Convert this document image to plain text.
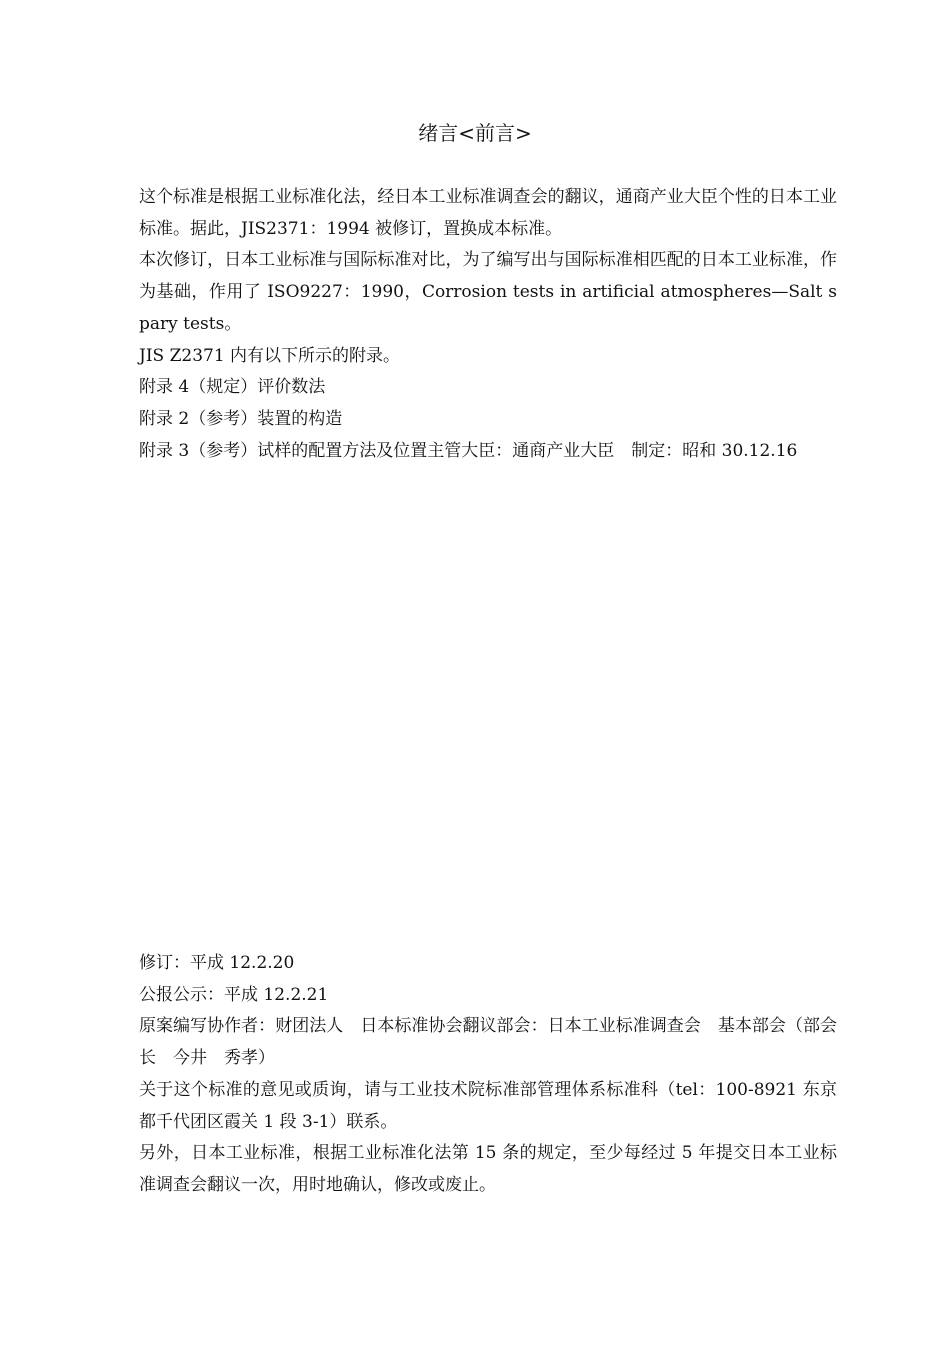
绪言<前言>

这个标准是根据工业标准化法，经日本工业标准调查会的翻议，通商产业大臣个性的日本工业标准。据此，JIS2371：1994 被修订，置换成本标准。

本次修订，日本工业标准与国际标准对比，为了编写出与国际标准相匹配的日本工业标准，作为基础，作用了 ISO9227：1990，Corrosion tests in artificial atmospheres—Salt spary tests。

JIS Z2371 内有以下所示的附录。

附录 4（规定）评价数法

附录 2（参考）装置的构造

附录 3（参考）试样的配置方法及位置主管大臣：通商产业大臣　制定：昭和 30.12.16

修订：平成 12.2.20

公报公示：平成 12.2.21

原案编写协作者：财团法人　日本标准协会翻议部会：日本工业标准调查会　基本部会（部会长　今井　秀孝）

关于这个标准的意见或质询，请与工业技术院标准部管理体系标准科（tel：100-8921 东京都千代团区霞关 1 段 3-1）联系。

另外，日本工业标准，根据工业标准化法第 15 条的规定，至少每经过 5 年提交日本工业标准调查会翻议一次，用时地确认，修改或废止。
